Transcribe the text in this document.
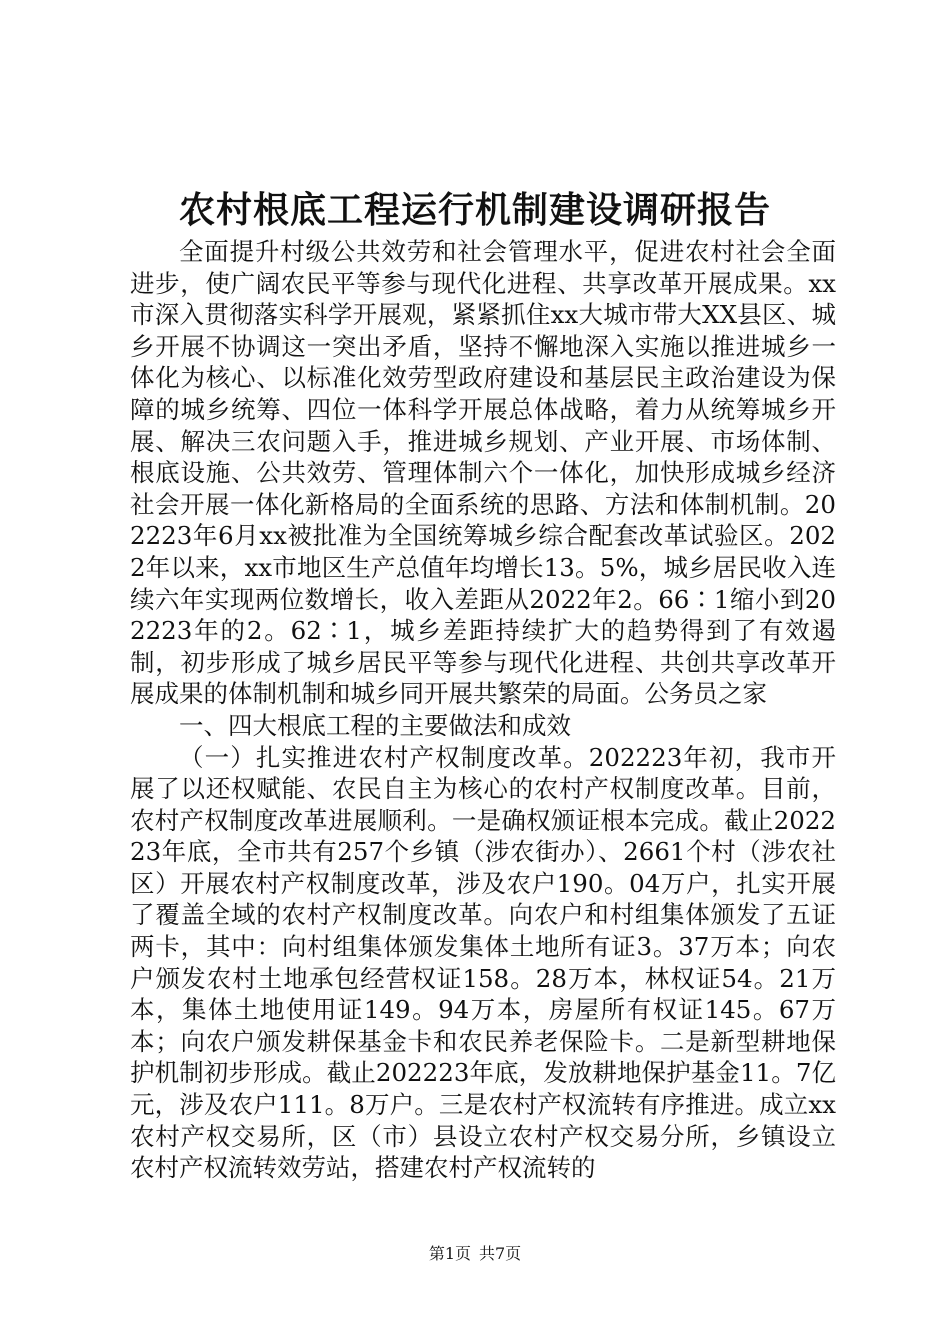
农村根底工程运行机制建设调研报告

全面提升村级公共效劳和社会管理水平，促进农村社会全面进步，使广阔农民平等参与现代化进程、共享改革开展成果。xx市深入贯彻落实科学开展观，紧紧抓住xx大城市带大XX县区、城乡开展不协调这一突出矛盾，坚持不懈地深入实施以推进城乡一体化为核心、以标准化效劳型政府建设和基层民主政治建设为保障的城乡统筹、四位一体科学开展总体战略，着力从统筹城乡开展、解决三农问题入手，推进城乡规划、产业开展、市场体制、根底设施、公共效劳、管理体制六个一体化，加快形成城乡经济社会开展一体化新格局的全面系统的思路、方法和体制机制。202223年6月xx被批准为全国统筹城乡综合配套改革试验区。2022年以来，xx市地区生产总值年均增长13。5%，城乡居民收入连续六年实现两位数增长，收入差距从2022年2。66∶1缩小到202223年的2。62∶1，城乡差距持续扩大的趋势得到了有效遏制，初步形成了城乡居民平等参与现代化进程、共创共享改革开展成果的体制机制和城乡同开展共繁荣的局面。公务员之家

一、四大根底工程的主要做法和成效

（一）扎实推进农村产权制度改革。202223年初，我市开展了以还权赋能、农民自主为核心的农村产权制度改革。目前，农村产权制度改革进展顺利。一是确权颁证根本完成。截止202223年底，全市共有257个乡镇（涉农街办）、2661个村（涉农社区）开展农村产权制度改革，涉及农户190。04万户，扎实开展了覆盖全域的农村产权制度改革。向农户和村组集体颁发了五证两卡，其中：向村组集体颁发集体土地所有证3。37万本；向农户颁发农村土地承包经营权证158。28万本，林权证54。21万本，集体土地使用证149。94万本，房屋所有权证145。67万本；向农户颁发耕保基金卡和农民养老保险卡。二是新型耕地保护机制初步形成。截止202223年底，发放耕地保护基金11。7亿元，涉及农户111。8万户。三是农村产权流转有序推进。成立xx农村产权交易所，区（市）县设立农村产权交易分所，乡镇设立农村产权流转效劳站，搭建农村产权流转的

第1页 共7页
